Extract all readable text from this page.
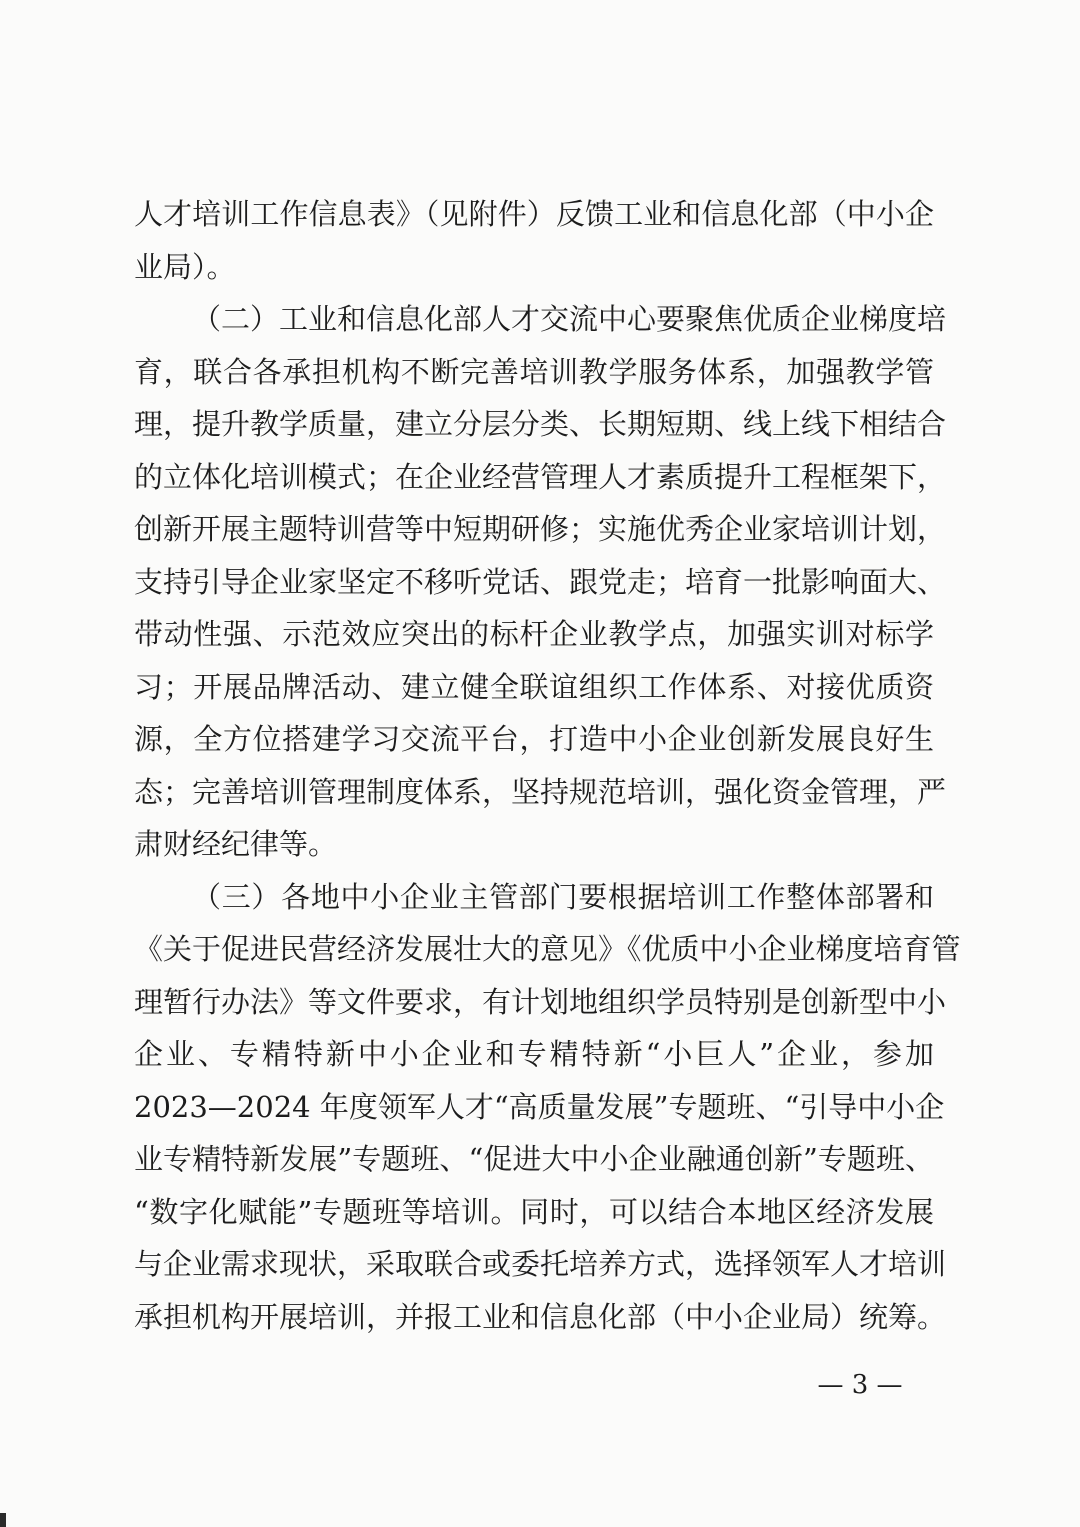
人才培训工作信息表》（见附件）反馈工业和信息化部（中小企
业局）。
（二）工业和信息化部人才交流中心要聚焦优质企业梯度培
育，联合各承担机构不断完善培训教学服务体系，加强教学管
理，提升教学质量，建立分层分类、长期短期、线上线下相结合
的立体化培训模式；在企业经营管理人才素质提升工程框架下，
创新开展主题特训营等中短期研修；实施优秀企业家培训计划，
支持引导企业家坚定不移听党话、跟党走；培育一批影响面大、
带动性强、示范效应突出的标杆企业教学点，加强实训对标学
习；开展品牌活动、建立健全联谊组织工作体系、对接优质资
源，全方位搭建学习交流平台，打造中小企业创新发展良好生
态；完善培训管理制度体系，坚持规范培训，强化资金管理，严
肃财经纪律等。
（三）各地中小企业主管部门要根据培训工作整体部署和
《关于促进民营经济发展壮大的意见》《优质中小企业梯度培育管
理暂行办法》等文件要求，有计划地组织学员特别是创新型中小
企业、专精特新中小企业和专精特新“小巨人”企业，参加
2023—2024 年度领军人才“高质量发展”专题班、“引导中小企
业专精特新发展”专题班、“促进大中小企业融通创新”专题班、
“数字化赋能”专题班等培训。同时，可以结合本地区经济发展
与企业需求现状，采取联合或委托培养方式，选择领军人才培训
承担机构开展培训，并报工业和信息化部（中小企业局）统筹。
— 3 —
